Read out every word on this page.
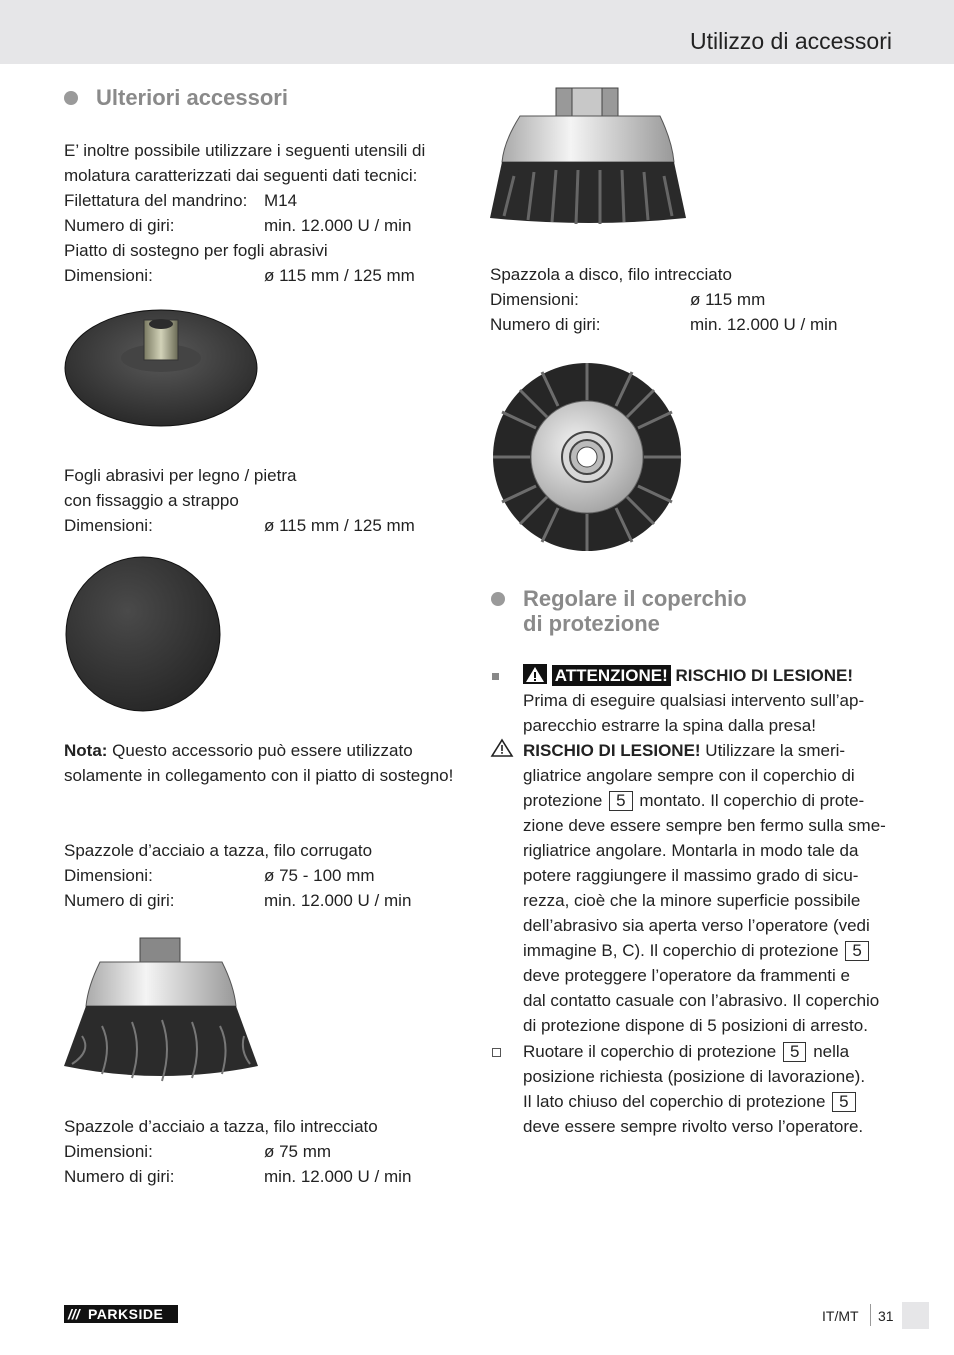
Utilizzo di accessori
Ulteriori accessori
E’ inoltre possibile utilizzare i seguenti utensili di
molatura caratterizzati dai seguenti dati tecnici:
Filettatura del mandrino: M14
Numero di giri:	min. 12.000 U / min
Piatto di sostegno per fogli abrasivi
Dimensioni:	ø 115 mm / 125 mm
Fogli abrasivi per legno / pietra
con fissaggio a strappo
Dimensioni:	ø 115 mm / 125 mm
Nota: Questo accessorio può essere utilizzato
solamente in collegamento con il piatto di sostegno!
Spazzole d’acciaio a tazza, filo corrugato
Dimensioni:	ø 75 - 100 mm
Numero di giri:	min. 12.000 U / min
Spazzole d’acciaio a tazza, filo intrecciato
Dimensioni:	ø 75 mm
Numero di giri:	min. 12.000 U / min
Spazzola a disco, filo intrecciato
Dimensioni:	ø 115 mm
Numero di giri:	min. 12.000 U / min
Regolare il coperchio
di protezione
ATTENZIONE! RISCHIO DI LESIONE!
Prima di eseguire qualsiasi intervento sull’ap-
parecchio estrarre la spina dalla presa!
RISCHIO DI LESIONE! Utilizzare la smeri-
gliatrice angolare sempre con il coperchio di
protezione 5 montato. Il coperchio di prote-
zione deve essere sempre ben fermo sulla sme-
rigliatrice angolare. Montarla in modo tale da
potere raggiungere il massimo grado di sicu-
rezza, cioè che la minore superficie possibile
dell’abrasivo sia aperta verso l’operatore (vedi
immagine B, C). Il coperchio di protezione 5
deve proteggere l’operatore da frammenti e
dal contatto casuale con l’abrasivo. Il coperchio
di protezione dispone di 5 posizioni di arresto.
Ruotare il coperchio di protezione 5 nella
posizione richiesta (posizione di lavorazione).
Il lato chiuso del coperchio di protezione 5
deve essere sempre rivolto verso l’operatore.
/// PARKSIDE	IT/MT 31
